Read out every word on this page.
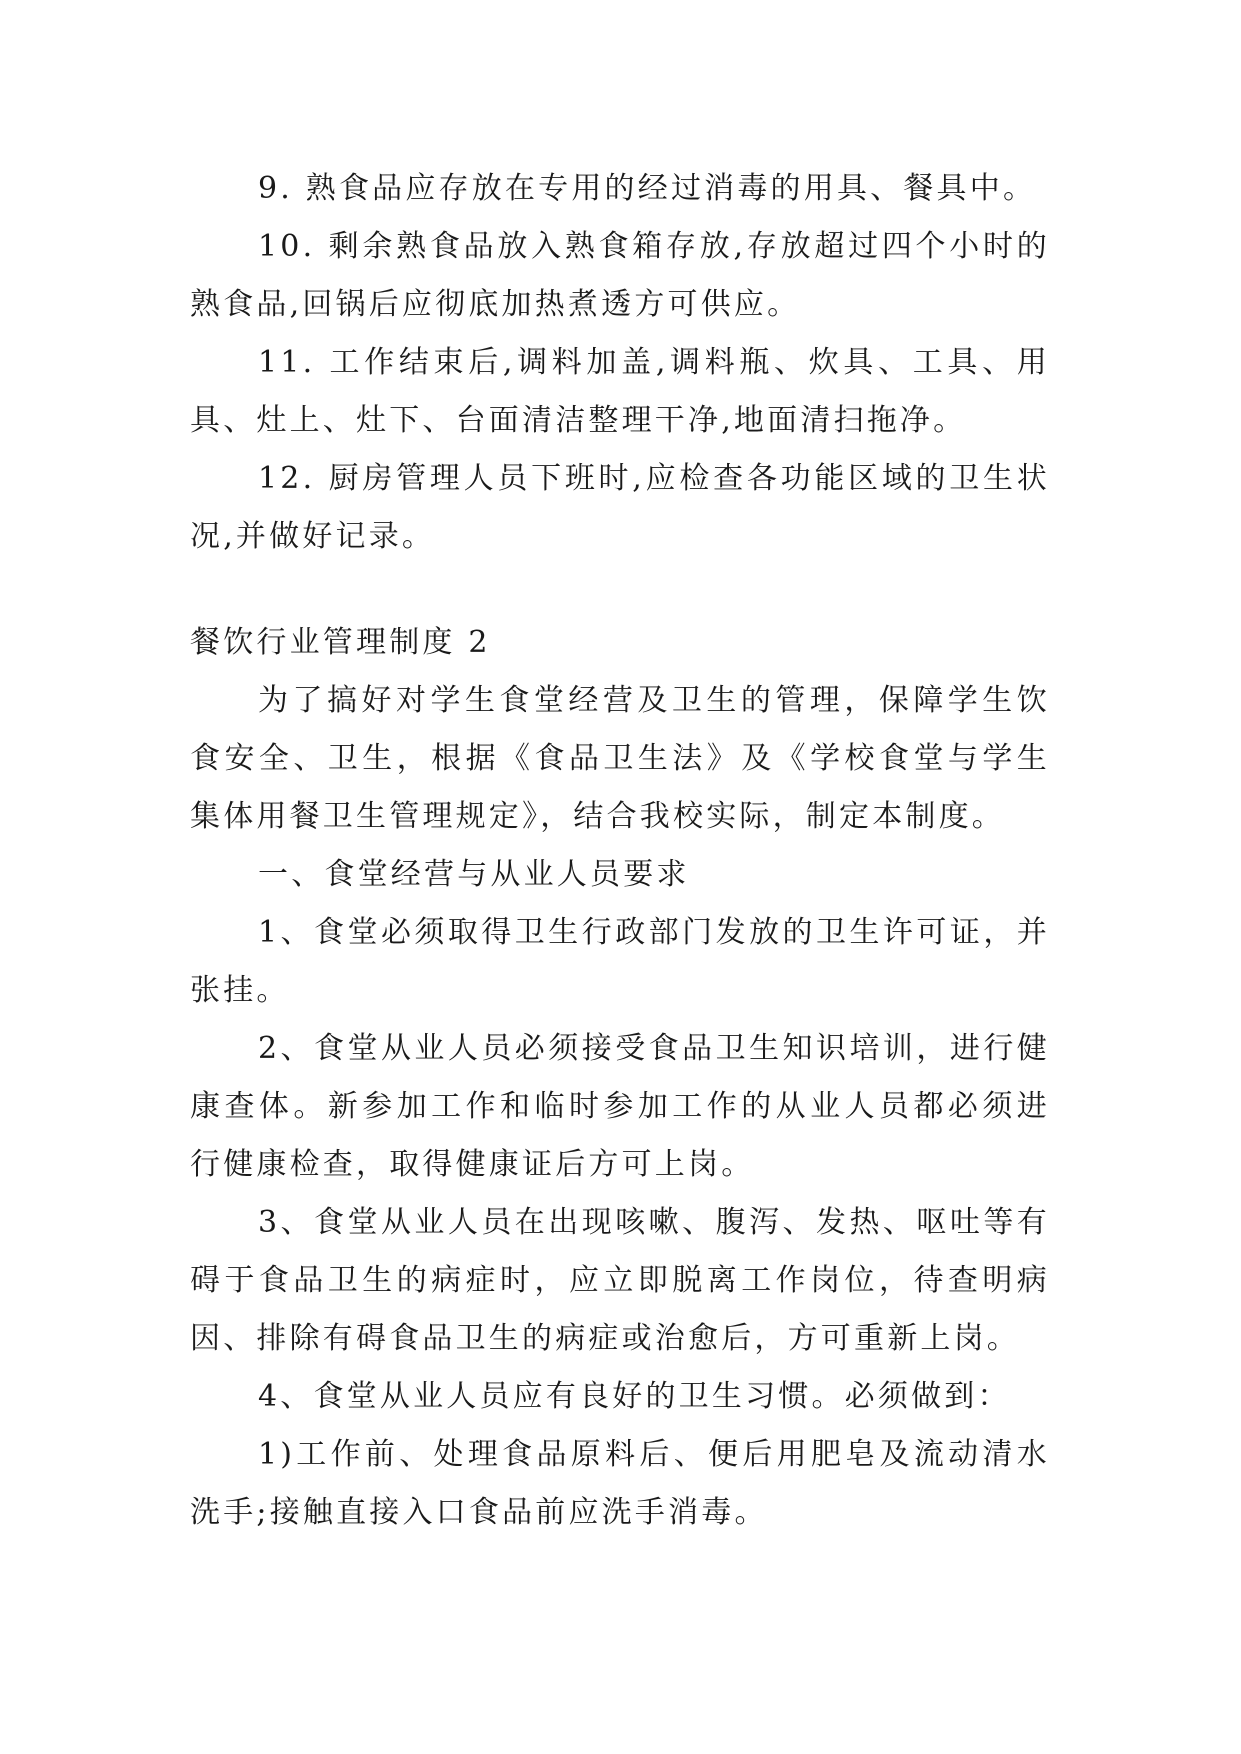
9. 熟食品应存放在专用的经过消毒的用具、餐具中。

10. 剩余熟食品放入熟食箱存放,存放超过四个小时的熟食品,回锅后应彻底加热煮透方可供应。

11. 工作结束后,调料加盖,调料瓶、炊具、工具、用具、灶上、灶下、台面清洁整理干净,地面清扫拖净。

12. 厨房管理人员下班时,应检查各功能区域的卫生状况,并做好记录。

餐饮行业管理制度 2

为了搞好对学生食堂经营及卫生的管理，保障学生饮食安全、卫生，根据《食品卫生法》及《学校食堂与学生集体用餐卫生管理规定》，结合我校实际，制定本制度。

一、食堂经营与从业人员要求

1、食堂必须取得卫生行政部门发放的卫生许可证，并张挂。

2、食堂从业人员必须接受食品卫生知识培训，进行健康查体。新参加工作和临时参加工作的从业人员都必须进行健康检查，取得健康证后方可上岗。

3、食堂从业人员在出现咳嗽、腹泻、发热、呕吐等有碍于食品卫生的病症时，应立即脱离工作岗位，待查明病因、排除有碍食品卫生的病症或治愈后，方可重新上岗。

4、食堂从业人员应有良好的卫生习惯。必须做到：

1)工作前、处理食品原料后、便后用肥皂及流动清水洗手;接触直接入口食品前应洗手消毒。
